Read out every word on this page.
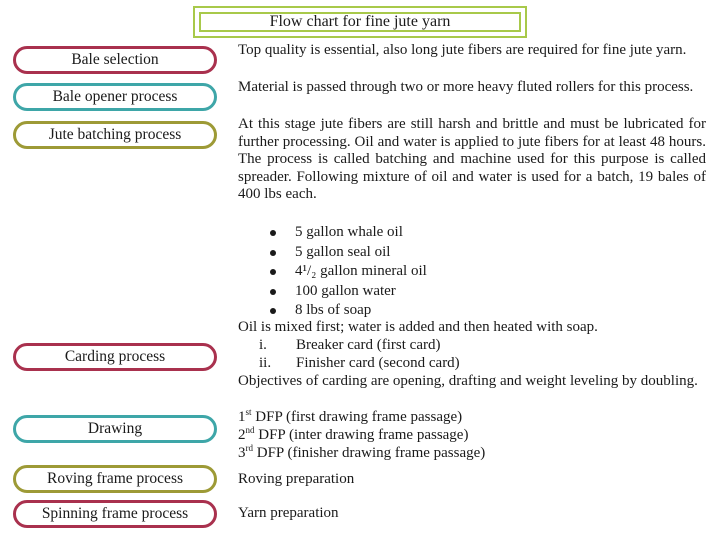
Flow chart for fine jute yarn
Bale selection
Bale opener process
Jute batching process
Carding process
Drawing
Roving frame process
Spinning frame process
Top quality is essential, also long jute fibers are required for fine jute yarn.
Material is passed through two or more heavy fluted rollers for this process.
At this stage jute fibers are still harsh and brittle and must be lubricated for further processing. Oil and water is applied to jute fibers for at least 48 hours. The process is called batching and machine used for this purpose is called spreader. Following mixture of oil and water is used for a batch, 19 bales of 400 lbs each.
5 gallon whale oil
5 gallon seal oil
4¹/₂ gallon mineral oil
100 gallon water
8 lbs of soap
Oil is mixed first; water is added and then heated with soap.
i. Breaker card (first card)
ii. Finisher card (second card)
Objectives of carding are opening, drafting and weight leveling by doubling.
1st DFP (first drawing frame passage)
2nd DFP (inter drawing frame passage)
3rd DFP (finisher drawing frame passage)
Roving preparation
Yarn preparation
